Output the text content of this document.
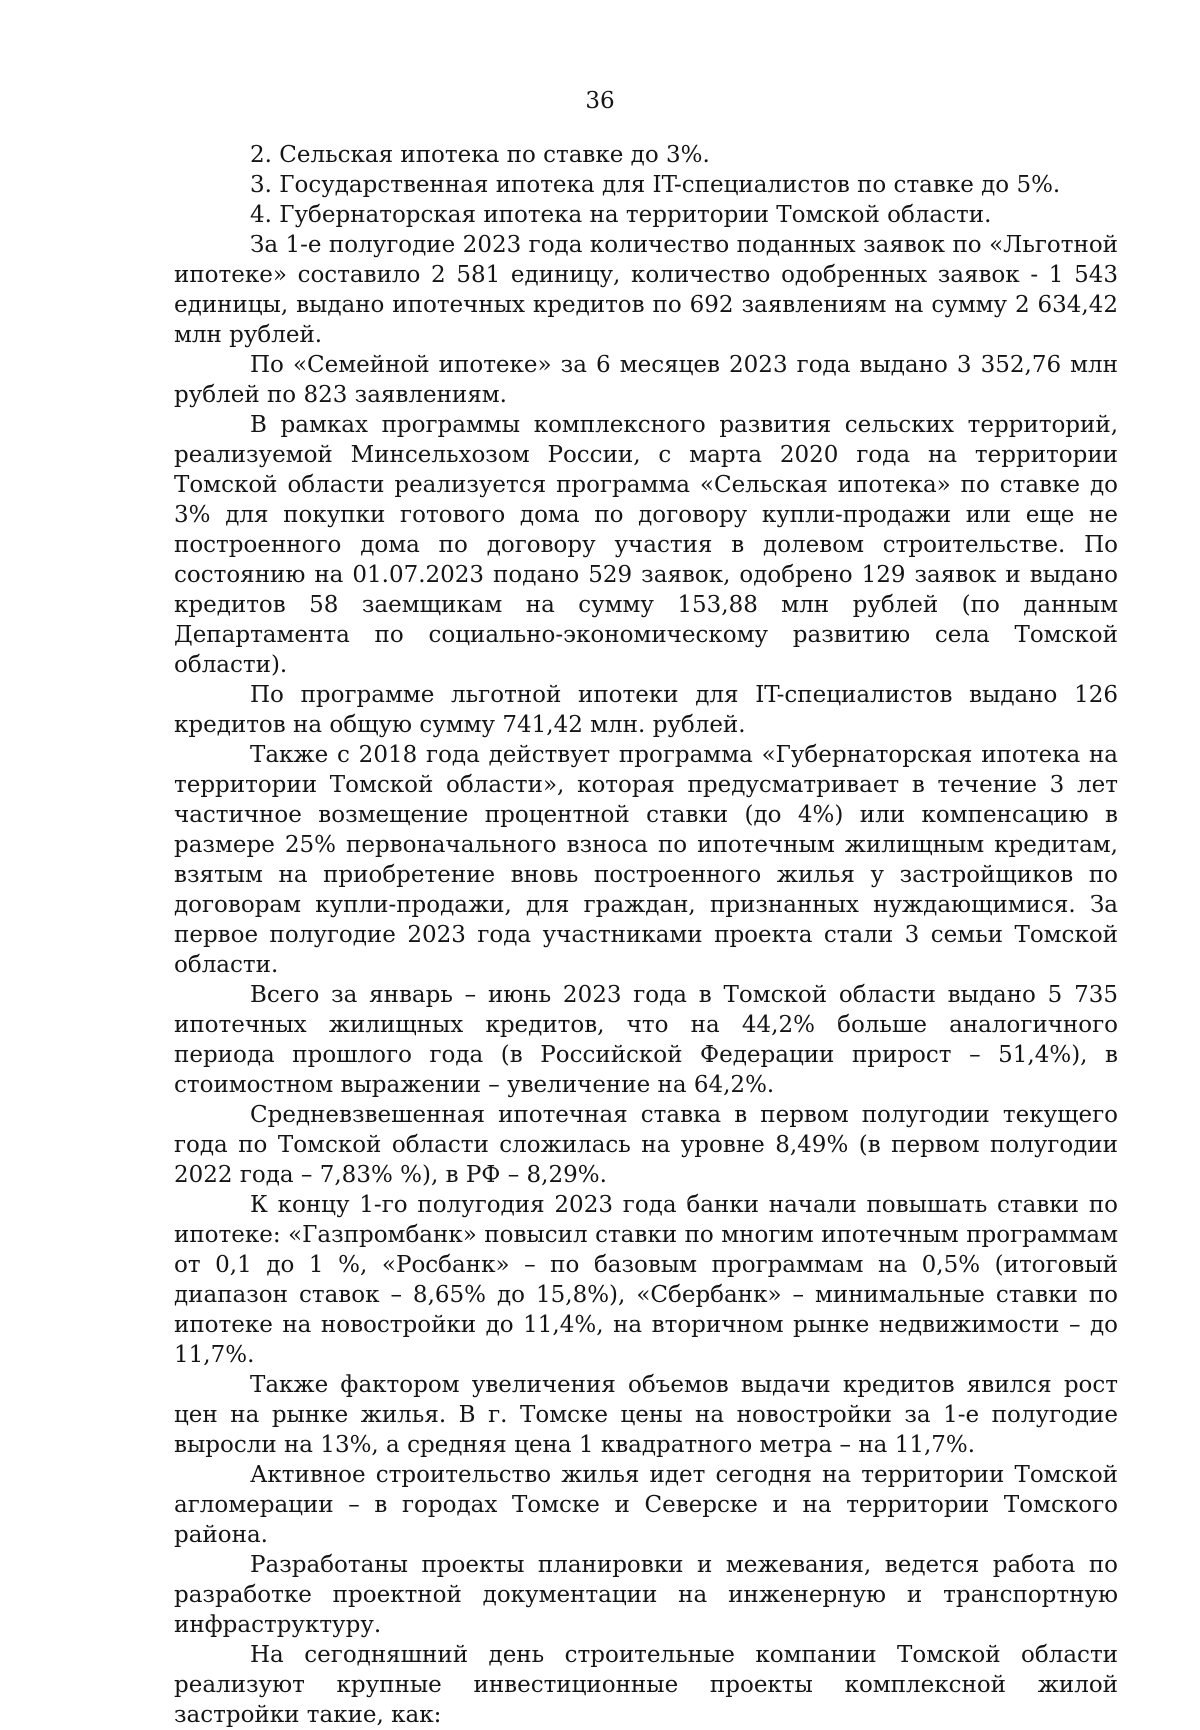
36

2. Сельская ипотека по ставке до 3%.

3. Государственная ипотека для IT-специалистов по ставке до 5%.

4. Губернаторская ипотека на территории Томской области.

За 1-е полугодие 2023 года количество поданных заявок по «Льготной ипотеке» составило 2 581 единицу, количество одобренных заявок - 1 543 единицы, выдано ипотечных кредитов по 692 заявлениям на сумму 2 634,42 млн рублей.

По «Семейной ипотеке» за 6 месяцев 2023 года выдано 3 352,76 млн рублей по 823 заявлениям.

В рамках программы комплексного развития сельских территорий, реализуемой Минсельхозом России, с марта 2020 года на территории Томской области реализуется программа «Сельская ипотека» по ставке до 3% для покупки готового дома по договору купли-продажи или еще не построенного дома по договору участия в долевом строительстве. По состоянию на 01.07.2023 подано 529 заявок, одобрено 129 заявок и выдано кредитов 58 заемщикам на сумму 153,88 млн рублей (по данным Департамента по социально-экономическому развитию села Томской области).

По программе льготной ипотеки для IT-специалистов выдано 126 кредитов на общую сумму 741,42 млн. рублей.

Также с 2018 года действует программа «Губернаторская ипотека на территории Томской области», которая предусматривает в течение 3 лет частичное возмещение процентной ставки (до 4%) или компенсацию в размере 25% первоначального взноса по ипотечным жилищным кредитам, взятым на приобретение вновь построенного жилья у застройщиков по договорам купли-продажи, для граждан, признанных нуждающимися. За первое полугодие 2023 года участниками проекта стали 3 семьи Томской области.

Всего за январь – июнь 2023 года в Томской области выдано 5 735 ипотечных жилищных кредитов, что на 44,2% больше аналогичного периода прошлого года (в Российской Федерации прирост – 51,4%), в стоимостном выражении – увеличение на 64,2%.

Средневзвешенная ипотечная ставка в первом полугодии текущего года по Томской области сложилась на уровне 8,49% (в первом полугодии 2022 года – 7,83% %), в РФ – 8,29%.

К концу 1-го полугодия 2023 года банки начали повышать ставки по ипотеке: «Газпромбанк» повысил ставки по многим ипотечным программам от 0,1 до 1 %, «Росбанк» – по базовым программам на 0,5% (итоговый диапазон ставок – 8,65% до 15,8%), «Сбербанк» – минимальные ставки по ипотеке на новостройки до 11,4%, на вторичном рынке недвижимости – до 11,7%.

Также фактором увеличения объемов выдачи кредитов явился рост цен на рынке жилья. В г. Томске цены на новостройки за 1-е полугодие выросли на 13%, а средняя цена 1 квадратного метра – на 11,7%.

Активное строительство жилья идет сегодня на территории Томской агломерации – в городах Томске и Северске и на территории Томского района.

Разработаны проекты планировки и межевания, ведется работа по разработке проектной документации на инженерную и транспортную инфраструктуру.

На сегодняшний день строительные компании Томской области реализуют крупные инвестиционные проекты комплексной жилой застройки такие, как:
